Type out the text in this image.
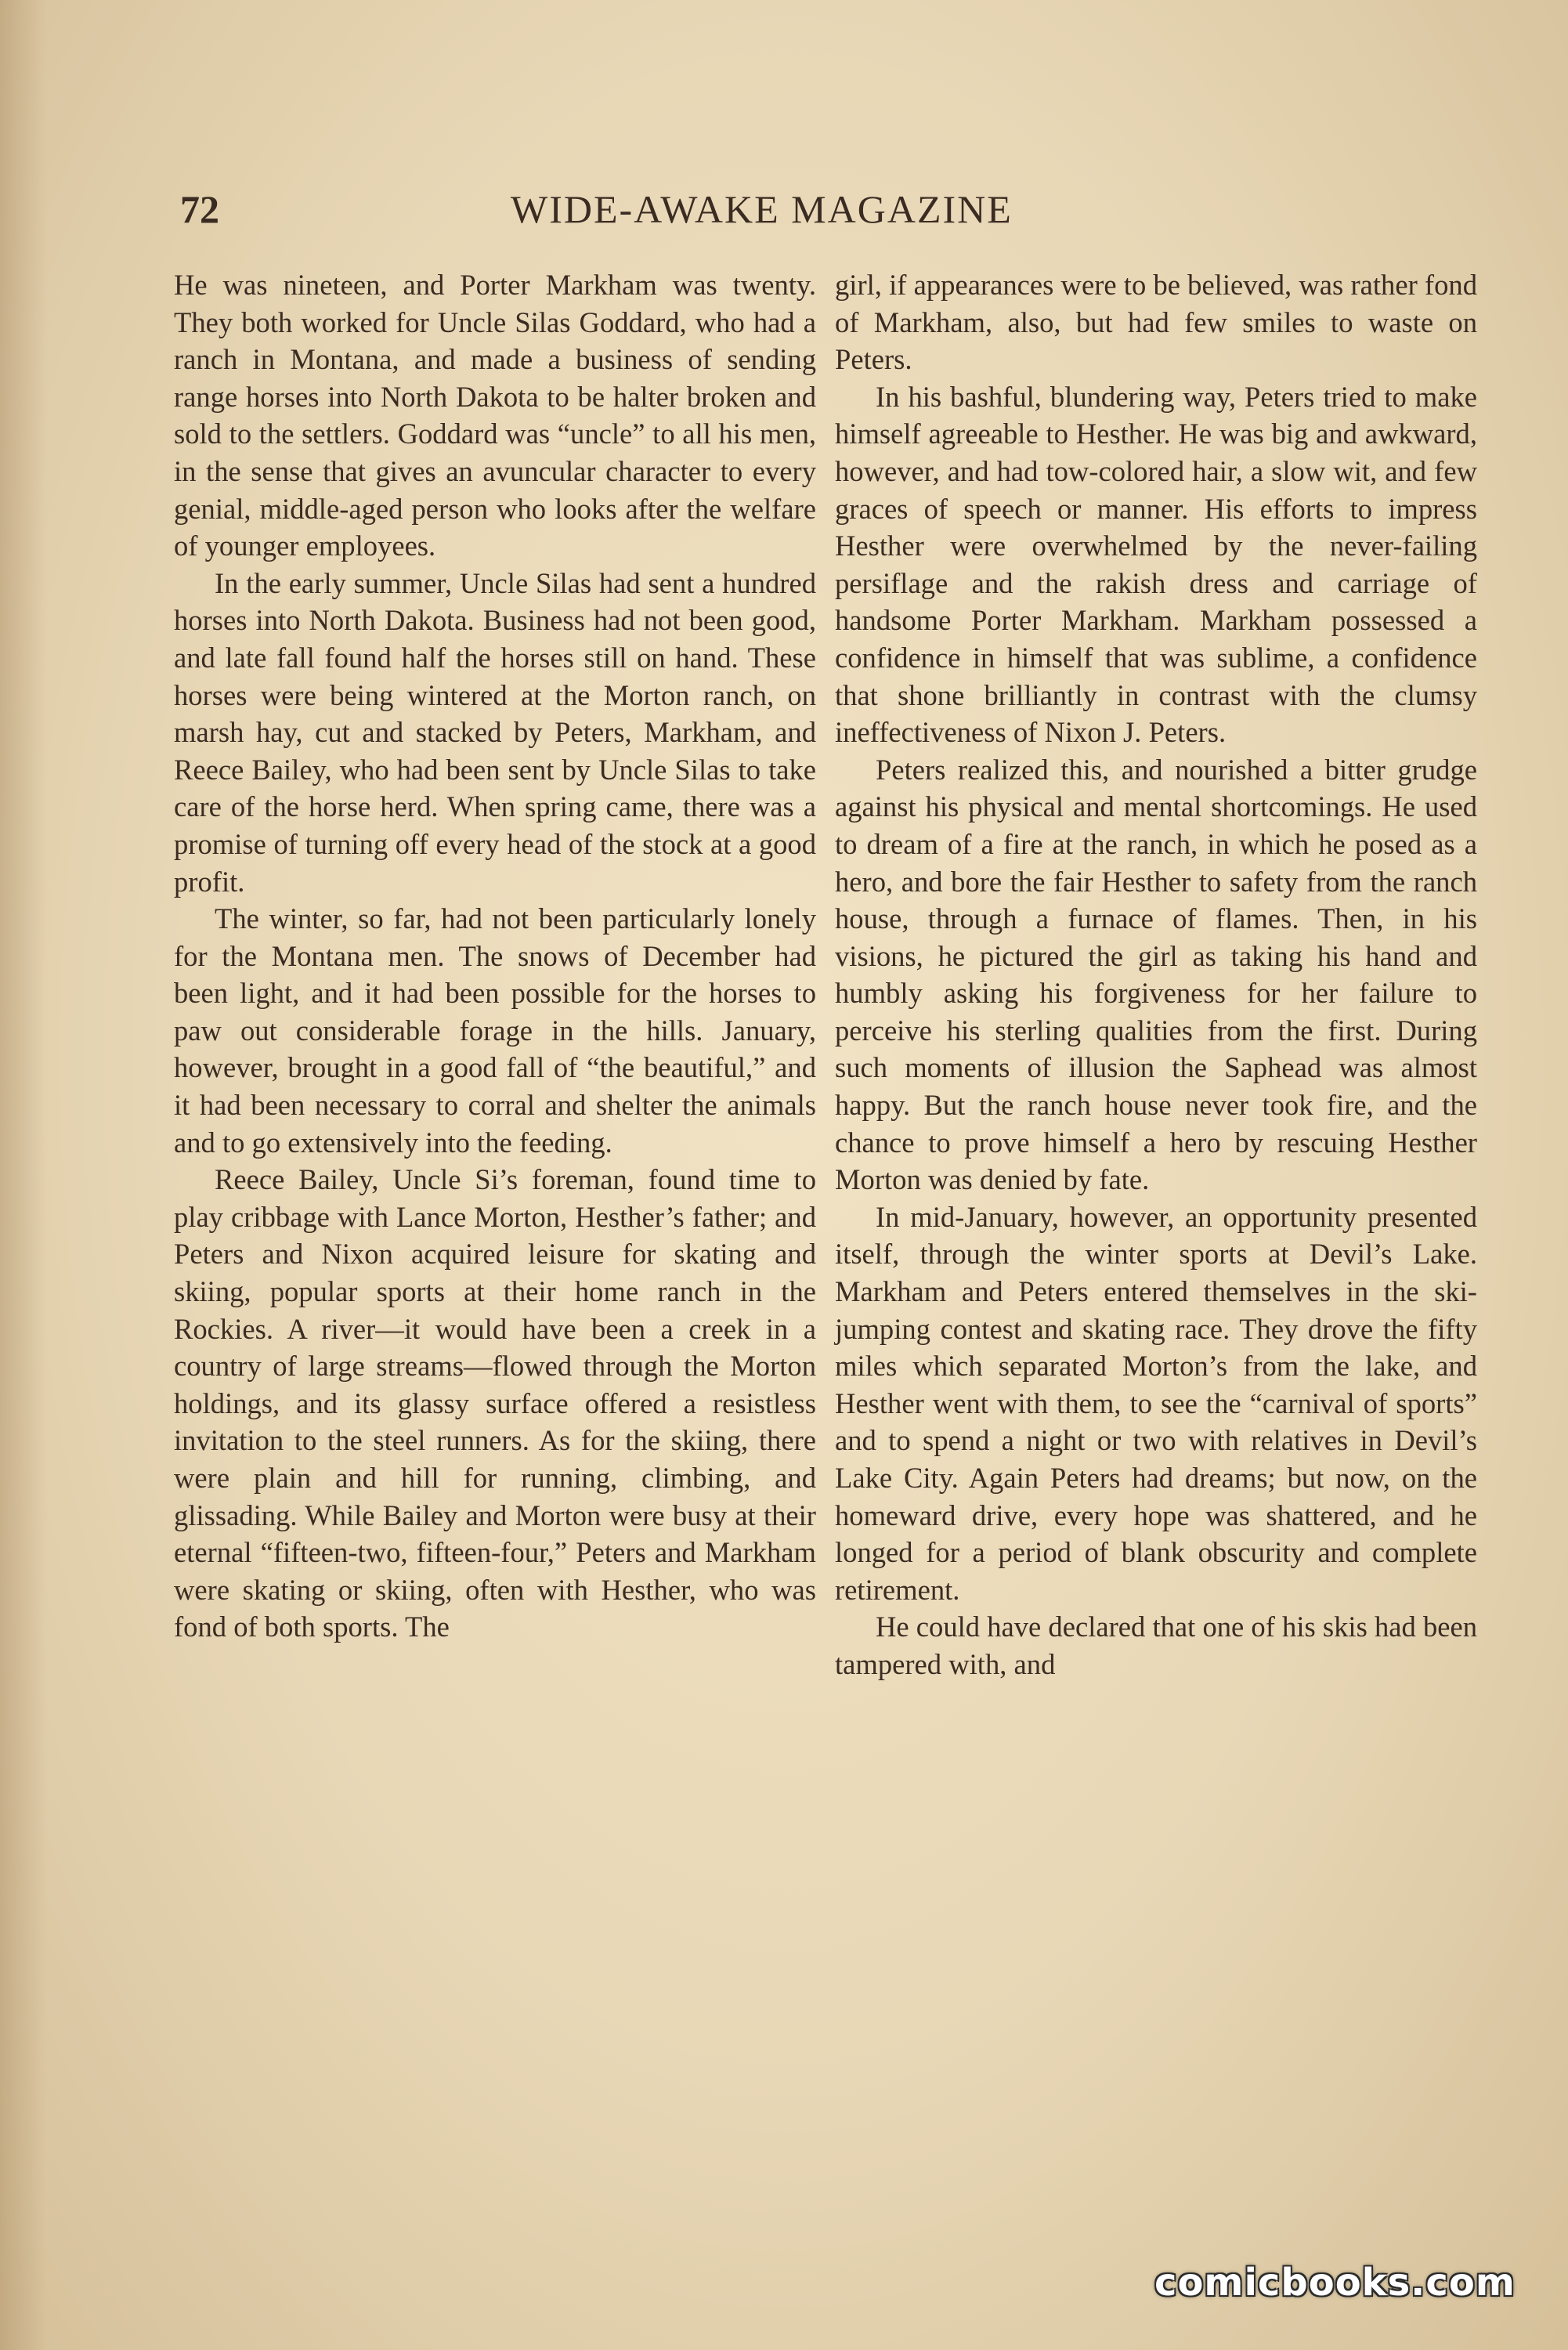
72	WIDE-AWAKE MAGAZINE

He was nineteen, and Porter Markham was twenty. They both worked for Uncle Silas Goddard, who had a ranch in Montana, and made a business of sending range horses into North Dakota to be halter broken and sold to the settlers. Goddard was “uncle” to all his men, in the sense that gives an avuncular character to every genial, middle-aged person who looks after the welfare of younger employees.

In the early summer, Uncle Silas had sent a hundred horses into North Dakota. Business had not been good, and late fall found half the horses still on hand. These horses were being wintered at the Morton ranch, on marsh hay, cut and stacked by Peters, Markham, and Reece Bailey, who had been sent by Uncle Silas to take care of the horse herd. When spring came, there was a promise of turning off every head of the stock at a good profit.

The winter, so far, had not been particularly lonely for the Montana men. The snows of December had been light, and it had been possible for the horses to paw out considerable forage in the hills. January, however, brought in a good fall of “the beautiful,” and it had been necessary to corral and shelter the animals and to go extensively into the feeding.

Reece Bailey, Uncle Si’s foreman, found time to play cribbage with Lance Morton, Hesther’s father; and Peters and Nixon acquired leisure for skating and skiing, popular sports at their home ranch in the Rockies. A river—it would have been a creek in a country of large streams—flowed through the Morton holdings, and its glassy surface offered a resistless invitation to the steel runners. As for the skiing, there were plain and hill for running, climbing, and glissading. While Bailey and Morton were busy at their eternal “fifteen-two, fifteen-four,” Peters and Markham were skating or skiing, often with Hesther, who was fond of both sports. The

girl, if appearances were to be believed, was rather fond of Markham, also, but had few smiles to waste on Peters.

In his bashful, blundering way, Peters tried to make himself agreeable to Hesther. He was big and awkward, however, and had tow-colored hair, a slow wit, and few graces of speech or manner. His efforts to impress Hesther were overwhelmed by the never-failing persiflage and the rakish dress and carriage of handsome Porter Markham. Markham possessed a confidence in himself that was sublime, a confidence that shone brilliantly in contrast with the clumsy ineffectiveness of Nixon J. Peters.

Peters realized this, and nourished a bitter grudge against his physical and mental shortcomings. He used to dream of a fire at the ranch, in which he posed as a hero, and bore the fair Hesther to safety from the ranch house, through a furnace of flames. Then, in his visions, he pictured the girl as taking his hand and humbly asking his forgiveness for her failure to perceive his sterling qualities from the first. During such moments of illusion the Saphead was almost happy. But the ranch house never took fire, and the chance to prove himself a hero by rescuing Hesther Morton was denied by fate.

In mid-January, however, an opportunity presented itself, through the winter sports at Devil’s Lake. Markham and Peters entered themselves in the ski-jumping contest and skating race. They drove the fifty miles which separated Morton’s from the lake, and Hesther went with them, to see the “carnival of sports” and to spend a night or two with relatives in Devil’s Lake City. Again Peters had dreams; but now, on the homeward drive, every hope was shattered, and he longed for a period of blank obscurity and complete retirement.

He could have declared that one of his skis had been tampered with, and

comicbooks.com
